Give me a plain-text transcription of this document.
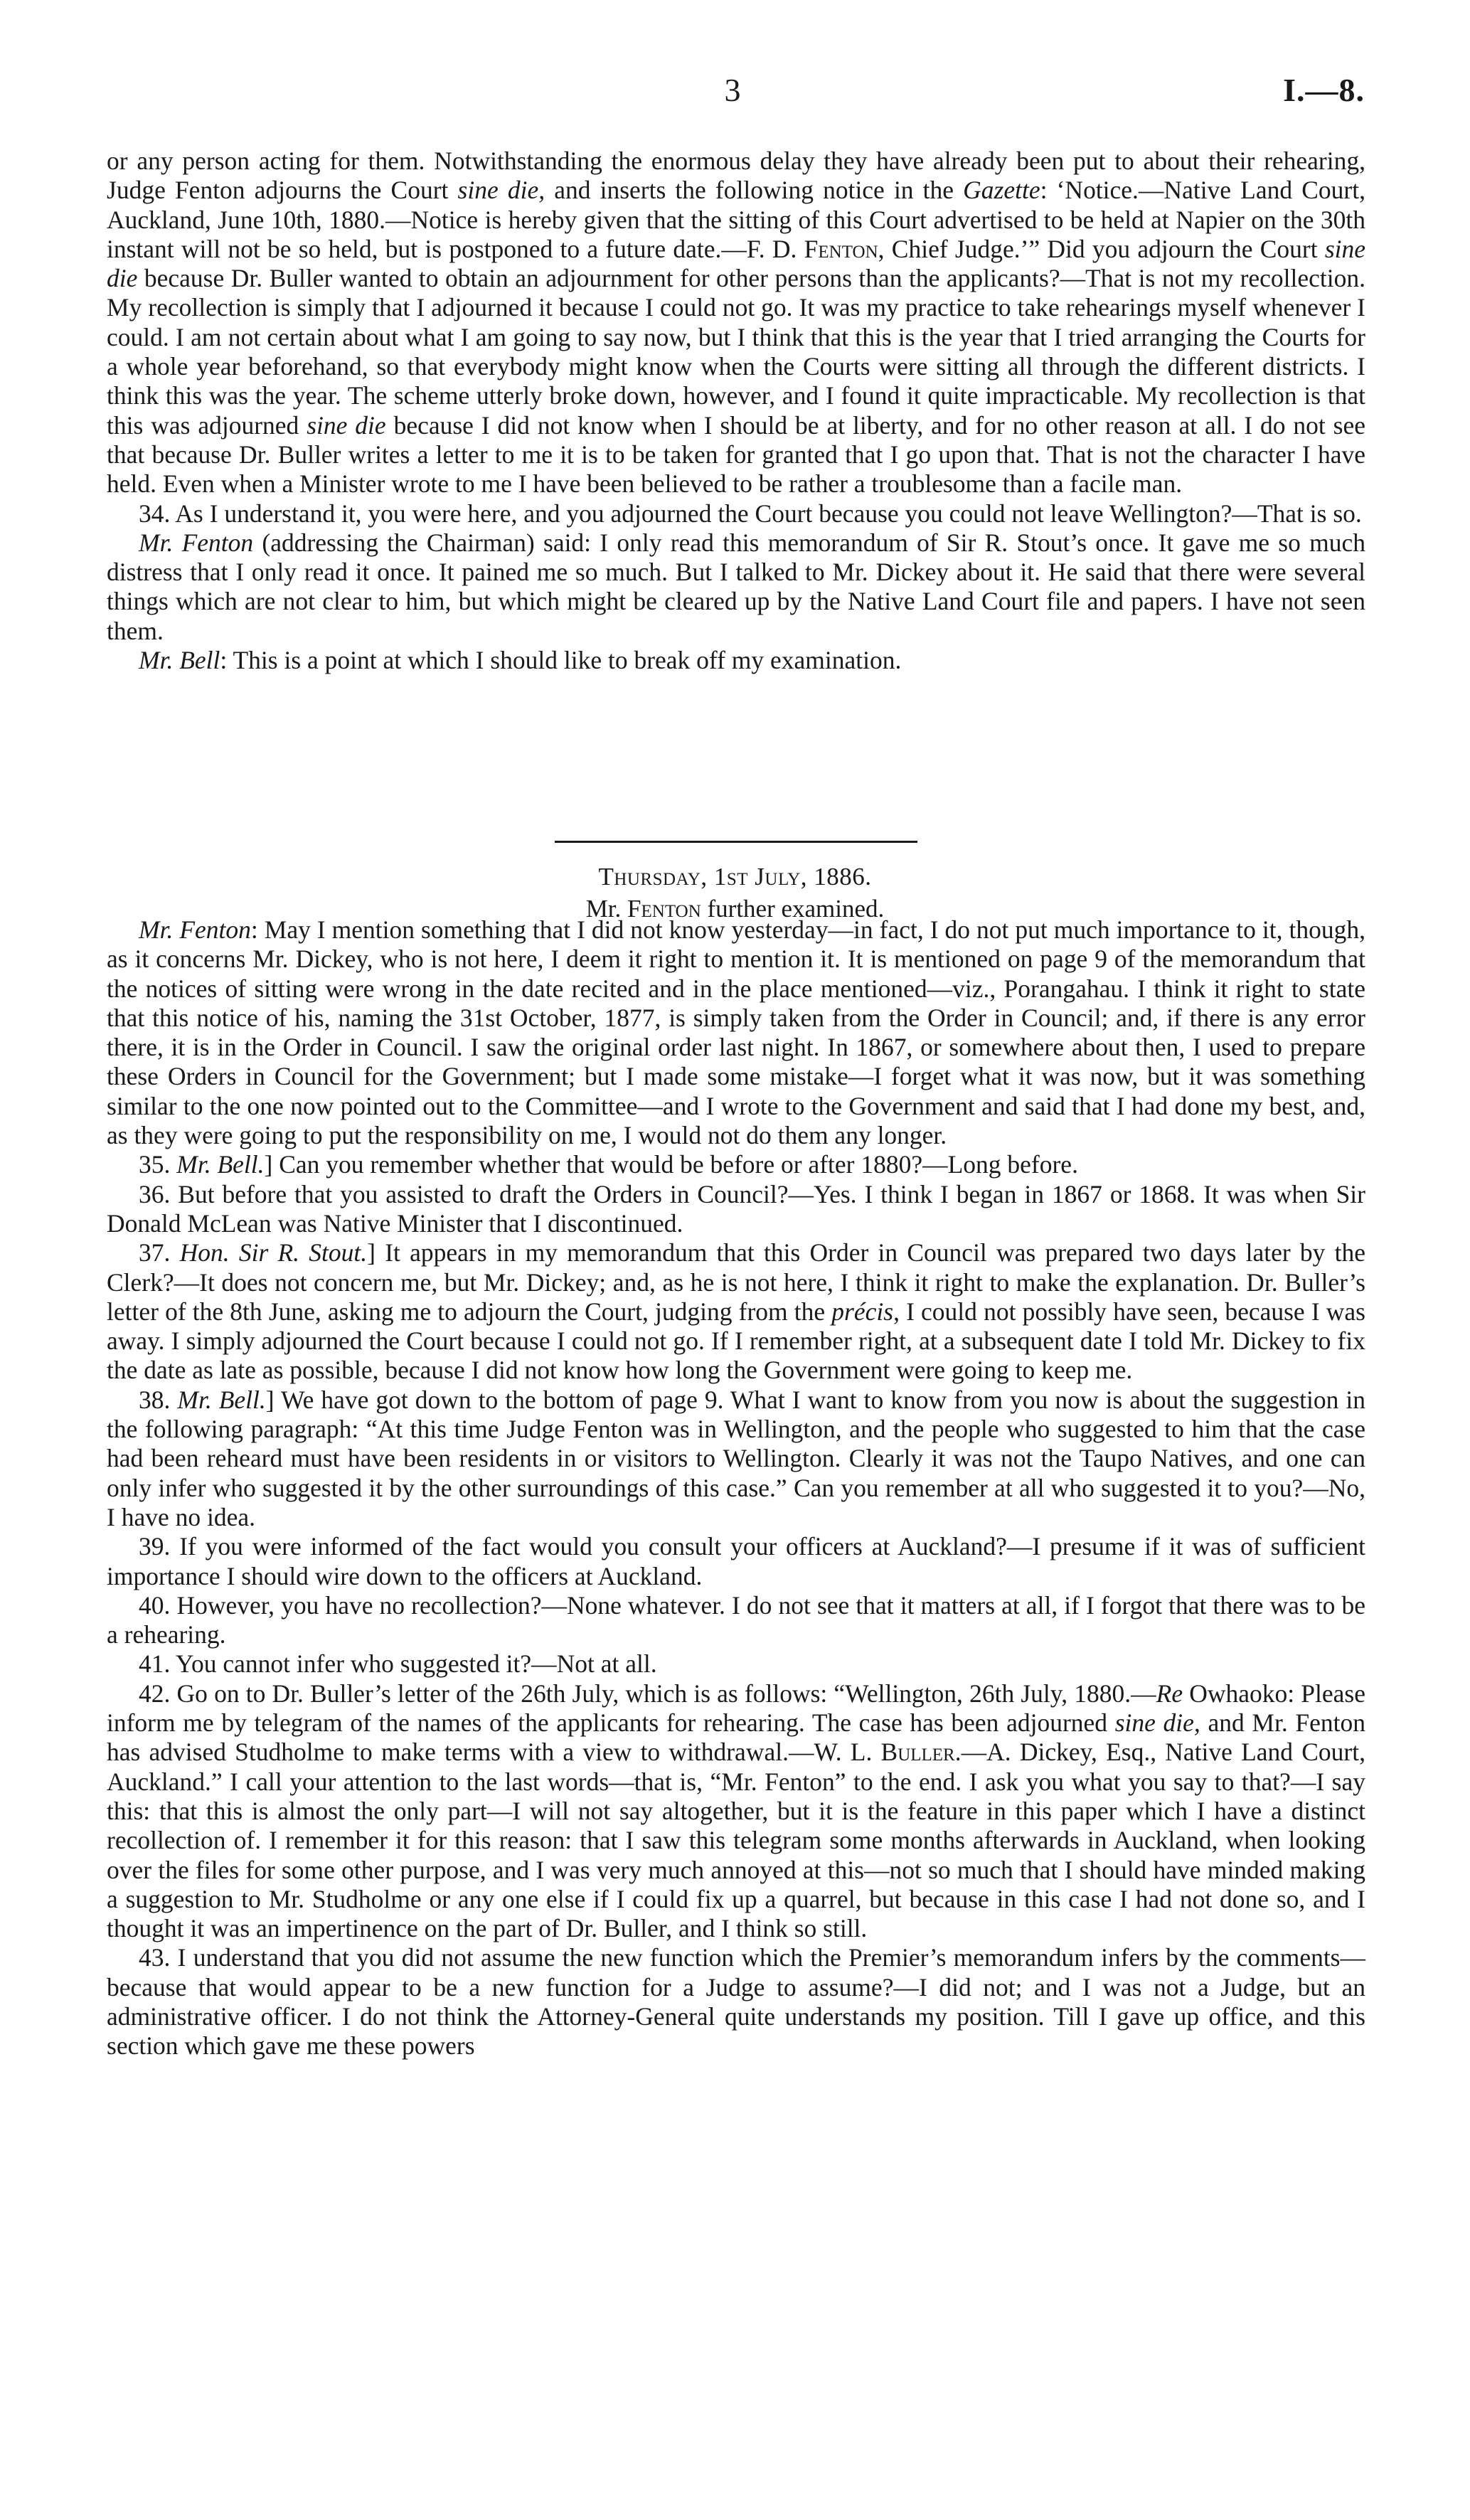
3	I.—8.

or any person acting for them. Notwithstanding the enormous delay they have already been put to about their rehearing, Judge Fenton adjourns the Court sine die, and inserts the following notice in the Gazette: ‘Notice.—Native Land Court, Auckland, June 10th, 1880.—Notice is hereby given that the sitting of this Court advertised to be held at Napier on the 30th instant will not be so held, but is postponed to a future date.—F. D. Fenton, Chief Judge.’” Did you adjourn the Court sine die because Dr. Buller wanted to obtain an adjournment for other persons than the applicants?—That is not my recollection. My recollection is simply that I adjourned it because I could not go. It was my practice to take rehearings myself whenever I could. I am not certain about what I am going to say now, but I think that this is the year that I tried arranging the Courts for a whole year beforehand, so that everybody might know when the Courts were sitting all through the different districts. I think this was the year. The scheme utterly broke down, however, and I found it quite impracticable. My recollection is that this was adjourned sine die because I did not know when I should be at liberty, and for no other reason at all. I do not see that because Dr. Buller writes a letter to me it is to be taken for granted that I go upon that. That is not the character I have held. Even when a Minister wrote to me I have been believed to be rather a troublesome than a facile man.

34. As I understand it, you were here, and you adjourned the Court because you could not leave Wellington?—That is so.

Mr. Fenton (addressing the Chairman) said: I only read this memorandum of Sir R. Stout’s once. It gave me so much distress that I only read it once. It pained me so much. But I talked to Mr. Dickey about it. He said that there were several things which are not clear to him, but which might be cleared up by the Native Land Court file and papers. I have not seen them.

Mr. Bell: This is a point at which I should like to break off my examination.

Thursday, 1st July, 1886.
Mr. Fenton further examined.

Mr. Fenton: May I mention something that I did not know yesterday—in fact, I do not put much importance to it, though, as it concerns Mr. Dickey, who is not here, I deem it right to mention it. It is mentioned on page 9 of the memorandum that the notices of sitting were wrong in the date recited and in the place mentioned—viz., Porangahau. I think it right to state that this notice of his, naming the 31st October, 1877, is simply taken from the Order in Council; and, if there is any error there, it is in the Order in Council. I saw the original order last night. In 1867, or somewhere about then, I used to prepare these Orders in Council for the Government; but I made some mistake—I forget what it was now, but it was something similar to the one now pointed out to the Committee—and I wrote to the Government and said that I had done my best, and, as they were going to put the responsibility on me, I would not do them any longer.

35. Mr. Bell.] Can you remember whether that would be before or after 1880?—Long before.

36. But before that you assisted to draft the Orders in Council?—Yes. I think I began in 1867 or 1868. It was when Sir Donald McLean was Native Minister that I discontinued.

37. Hon. Sir R. Stout.] It appears in my memorandum that this Order in Council was prepared two days later by the Clerk?—It does not concern me, but Mr. Dickey; and, as he is not here, I think it right to make the explanation. Dr. Buller’s letter of the 8th June, asking me to adjourn the Court, judging from the précis, I could not possibly have seen, because I was away. I simply adjourned the Court because I could not go. If I remember right, at a subsequent date I told Mr. Dickey to fix the date as late as possible, because I did not know how long the Government were going to keep me.

38. Mr. Bell.] We have got down to the bottom of page 9. What I want to know from you now is about the suggestion in the following paragraph: “At this time Judge Fenton was in Wellington, and the people who suggested to him that the case had been reheard must have been residents in or visitors to Wellington. Clearly it was not the Taupo Natives, and one can only infer who suggested it by the other surroundings of this case.” Can you remember at all who suggested it to you?—No, I have no idea.

39. If you were informed of the fact would you consult your officers at Auckland?—I presume if it was of sufficient importance I should wire down to the officers at Auckland.

40. However, you have no recollection?—None whatever. I do not see that it matters at all, if I forgot that there was to be a rehearing.

41. You cannot infer who suggested it?—Not at all.

42. Go on to Dr. Buller’s letter of the 26th July, which is as follows: “Wellington, 26th July, 1880.—Re Owhaoko: Please inform me by telegram of the names of the applicants for rehearing. The case has been adjourned sine die, and Mr. Fenton has advised Studholme to make terms with a view to withdrawal.—W. L. Buller.—A. Dickey, Esq., Native Land Court, Auckland.” I call your attention to the last words—that is, “Mr. Fenton” to the end. I ask you what you say to that?—I say this: that this is almost the only part—I will not say altogether, but it is the feature in this paper which I have a distinct recollection of. I remember it for this reason: that I saw this telegram some months afterwards in Auckland, when looking over the files for some other purpose, and I was very much annoyed at this—not so much that I should have minded making a suggestion to Mr. Studholme or any one else if I could fix up a quarrel, but because in this case I had not done so, and I thought it was an impertinence on the part of Dr. Buller, and I think so still.

43. I understand that you did not assume the new function which the Premier’s memorandum infers by the comments—because that would appear to be a new function for a Judge to assume?—I did not; and I was not a Judge, but an administrative officer. I do not think the Attorney-General quite understands my position. Till I gave up office, and this section which gave me these powers
